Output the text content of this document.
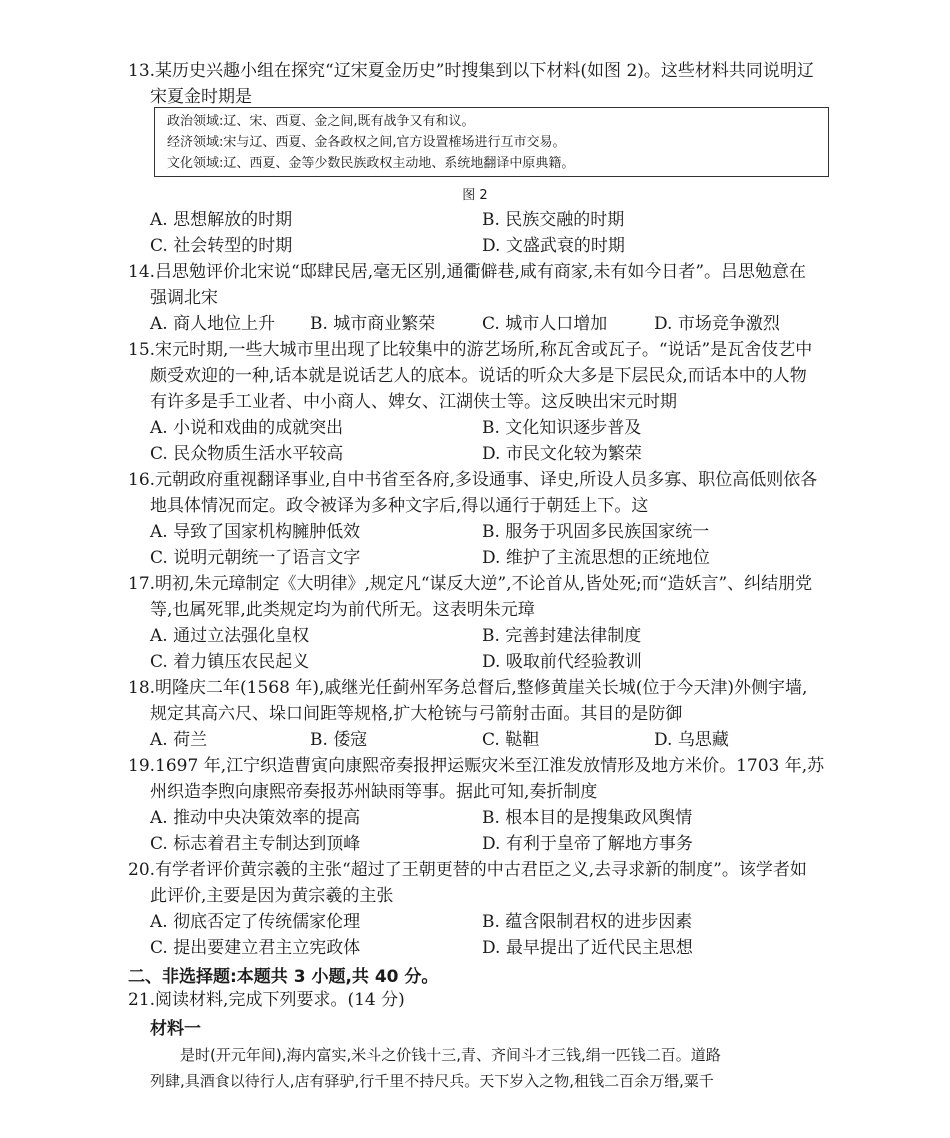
13.某历史兴趣小组在探究“辽宋夏金历史”时搜集到以下材料(如图 2)。这些材料共同说明辽
宋夏金时期是
政治领域:辽、宋、西夏、金之间,既有战争又有和议。
经济领域:宋与辽、西夏、金各政权之间,官方设置榷场进行互市交易。
文化领域:辽、西夏、金等少数民族政权主动地、系统地翻译中原典籍。
图 2
A. 思想解放的时期	B. 民族交融的时期
C. 社会转型的时期	D. 文盛武衰的时期
14.吕思勉评价北宋说“邸肆民居,毫无区别,通衢僻巷,咸有商家,未有如今日者”。吕思勉意在
强调北宋
A. 商人地位上升	B. 城市商业繁荣	C. 城市人口增加	D. 市场竞争激烈
15.宋元时期,一些大城市里出现了比较集中的游艺场所,称瓦舍或瓦子。“说话”是瓦舍伎艺中
颇受欢迎的一种,话本就是说话艺人的底本。说话的听众大多是下层民众,而话本中的人物
有许多是手工业者、中小商人、婢女、江湖侠士等。这反映出宋元时期
A. 小说和戏曲的成就突出	B. 文化知识逐步普及
C. 民众物质生活水平较高	D. 市民文化较为繁荣
16.元朝政府重视翻译事业,自中书省至各府,多设通事、译史,所设人员多寡、职位高低则依各
地具体情况而定。政令被译为多种文字后,得以通行于朝廷上下。这
A. 导致了国家机构臃肿低效	B. 服务于巩固多民族国家统一
C. 说明元朝统一了语言文字	D. 维护了主流思想的正统地位
17.明初,朱元璋制定《大明律》,规定凡“谋反大逆”,不论首从,皆处死;而“造妖言”、纠结朋党
等,也属死罪,此类规定均为前代所无。这表明朱元璋
A. 通过立法强化皇权	B. 完善封建法律制度
C. 着力镇压农民起义	D. 吸取前代经验教训
18.明隆庆二年(1568 年),戚继光任蓟州军务总督后,整修黄崖关长城(位于今天津)外侧宇墙,
规定其高六尺、垛口间距等规格,扩大枪铳与弓箭射击面。其目的是防御
A. 荷兰	B. 倭寇	C. 鞑靼	D. 乌思藏
19.1697 年,江宁织造曹寅向康熙帝奏报押运赈灾米至江淮发放情形及地方米价。1703 年,苏
州织造李煦向康熙帝奏报苏州缺雨等事。据此可知,奏折制度
A. 推动中央决策效率的提高	B. 根本目的是搜集政风舆情
C. 标志着君主专制达到顶峰	D. 有利于皇帝了解地方事务
20.有学者评价黄宗羲的主张“超过了王朝更替的中古君臣之义,去寻求新的制度”。该学者如
此评价,主要是因为黄宗羲的主张
A. 彻底否定了传统儒家伦理	B. 蕴含限制君权的进步因素
C. 提出要建立君主立宪政体	D. 最早提出了近代民主思想
二、非选择题:本题共 3 小题,共 40 分。
21.阅读材料,完成下列要求。(14 分)
材料一
　　是时(开元年间),海内富实,米斗之价钱十三,青、齐间斗才三钱,绢一匹钱二百。道路
列肆,具酒食以待行人,店有驿驴,行千里不持尺兵。天下岁入之物,租钱二百余万缗,粟千
